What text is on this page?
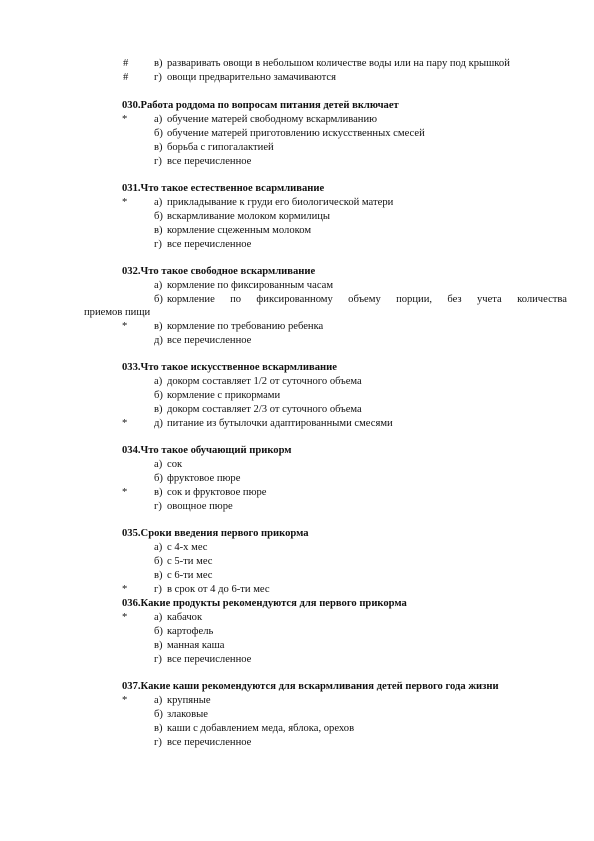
#	в) разваривать овощи в небольшом количестве воды или на пару под крышкой
#	г) овощи предварительно замачиваются
030.Работа роддома по вопросам питания детей включает
*	а) обучение матерей свободному вскармливанию
б) обучение матерей приготовлению искусственных смесей
в) борьба с гипогалактией
г) все перечисленное
031.Что такое естественное всармливание
*	а) прикладывание к груди его биологической матери
б) вскармливание молоком кормилицы
в) кормление сцеженным молоком
г) все перечисленное
032.Что такое свободное вскармливание
а) кормление по фиксированным часам
б) кормление по фиксированному объему порции, без учета количества
приемов пищи
*	в) кормление по требованию ребенка
д) все перечисленное
033.Что такое искусственное вскармливание
а) докорм составляет 1/2 от суточного объема
б) кормление с прикормами
в) докорм составляет 2/3 от суточного объема
*	д) питание из бутылочки адаптированными смесями
034.Что такое обучающий прикорм
а) сок
б) фруктовое пюре
*	в) сок и фруктовое пюре
г) овощное пюре
035.Сроки введения первого прикорма
а) с 4-х мес
б) с 5-ти мес
в) с 6-ти мес
*	г) в срок от 4 до 6-ти мес
036.Какие продукты рекомендуются для первого прикорма
*	а) кабачок
б) картофель
в) манная каша
г) все перечисленное
037.Какие каши рекомендуются для вскармливания детей первого года жизни
*	а) крупяные
б) злаковые
в) каши с добавлением меда, яблока, орехов
г) все перечисленное
